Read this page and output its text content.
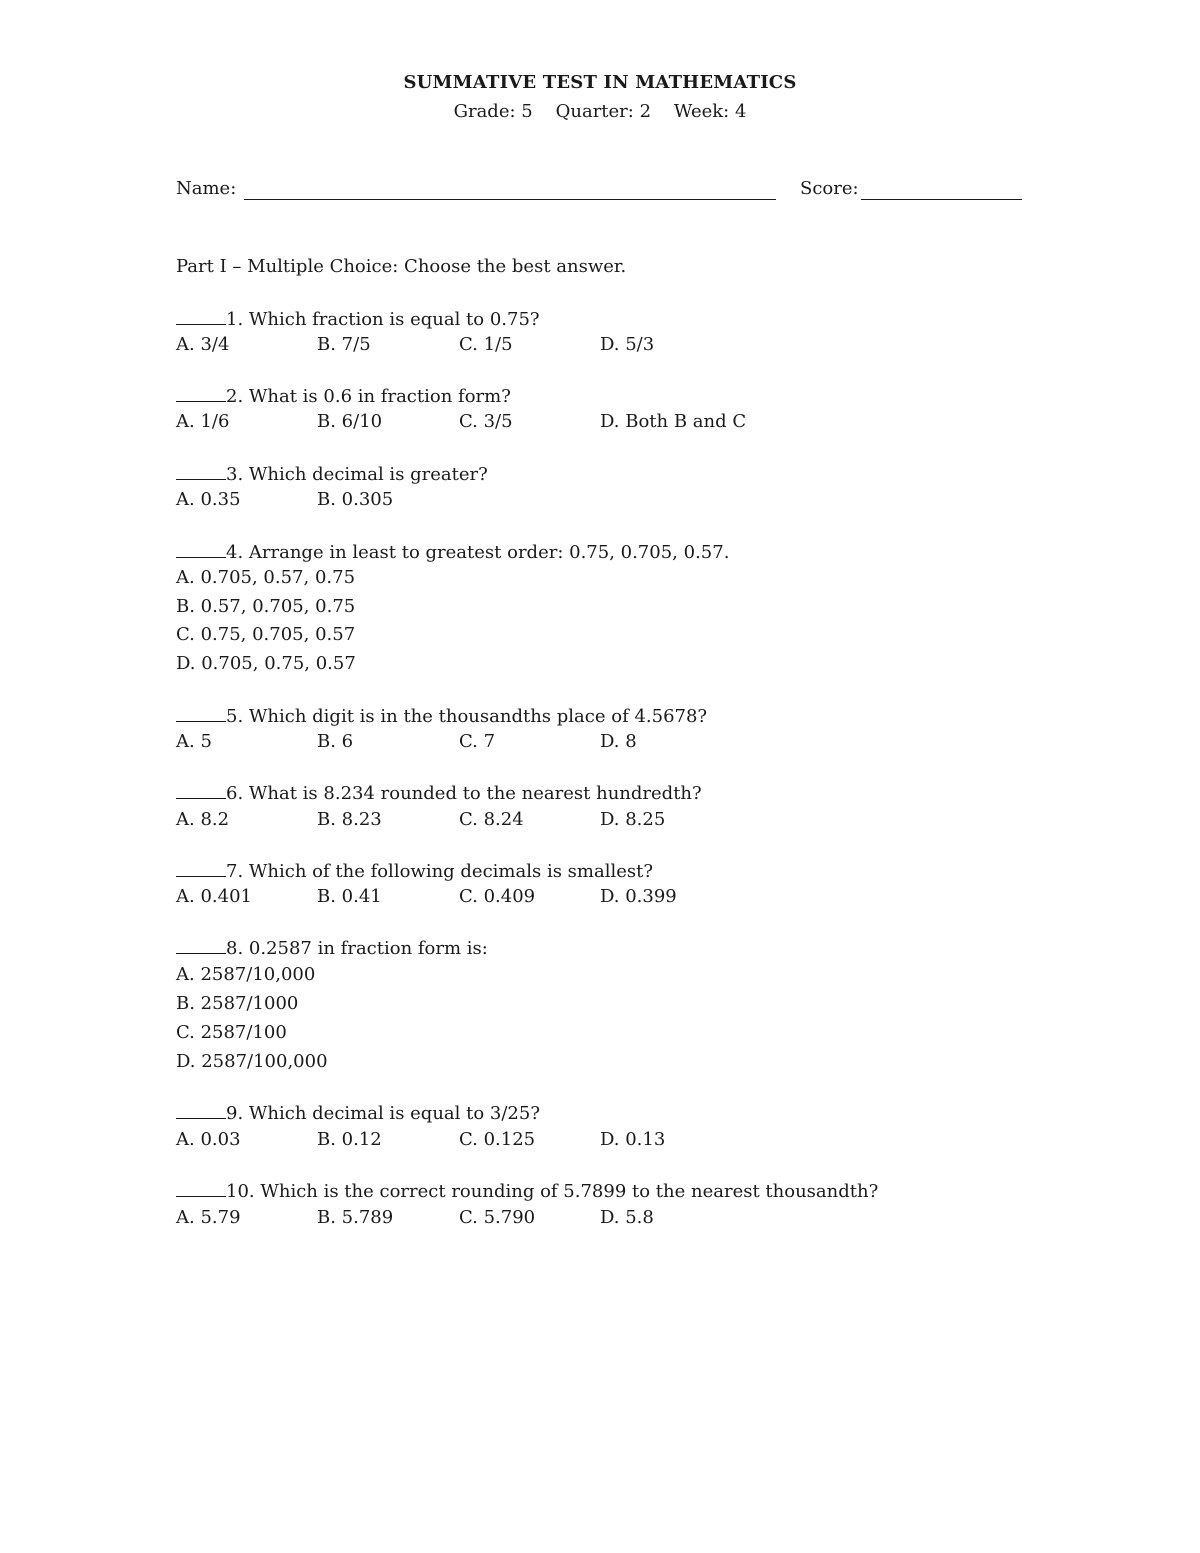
SUMMATIVE TEST IN MATHEMATICS
Grade: 5    Quarter: 2    Week: 4
Name:	Score:
Part I – Multiple Choice: Choose the best answer.
1. Which fraction is equal to 0.75?
A. 3/4	B. 7/5	C. 1/5	D. 5/3
2. What is 0.6 in fraction form?
A. 1/6	B. 6/10	C. 3/5	D. Both B and C
3. Which decimal is greater?
A. 0.35	B. 0.305
4. Arrange in least to greatest order: 0.75, 0.705, 0.57.
A. 0.705, 0.57, 0.75
B. 0.57, 0.705, 0.75
C. 0.75, 0.705, 0.57
D. 0.705, 0.75, 0.57
5. Which digit is in the thousandths place of 4.5678?
A. 5	B. 6	C. 7	D. 8
6. What is 8.234 rounded to the nearest hundredth?
A. 8.2	B. 8.23	C. 8.24	D. 8.25
7. Which of the following decimals is smallest?
A. 0.401	B. 0.41	C. 0.409	D. 0.399
8. 0.2587 in fraction form is:
A. 2587/10,000
B. 2587/1000
C. 2587/100
D. 2587/100,000
9. Which decimal is equal to 3/25?
A. 0.03	B. 0.12	C. 0.125	D. 0.13
10. Which is the correct rounding of 5.7899 to the nearest thousandth?
A. 5.79	B. 5.789	C. 5.790	D. 5.8
